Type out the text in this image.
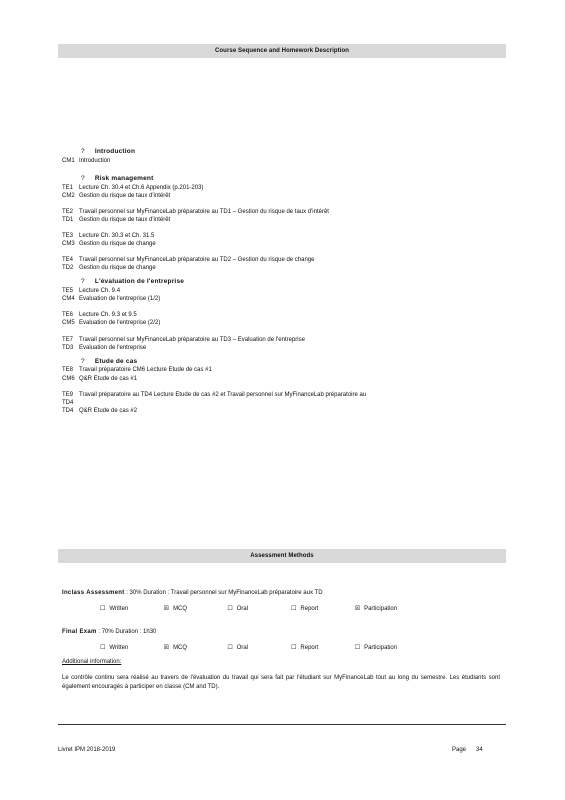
Course Sequence and Homework Description
? Introduction
CM1 Introduction
? Risk management
TE1 Lecture Ch. 30.4 et Ch.6 Appendix (p.201-203)
CM2 Gestion du risque de taux d'intérêt
TE2 Travail personnel sur MyFinanceLab préparatoire au TD1 – Gestion du risque de taux d'intérêt
TD1 Gestion du risque de taux d'intérêt
TE3 Lecture Ch. 30.3 et Ch. 31.5
CM3 Gestion du risque de change
TE4 Travail personnel sur MyFinanceLab préparatoire au TD2 – Gestion du risque de change
TD2 Gestion du risque de change
? L'évaluation de l'entreprise
TE5 Lecture Ch. 9.4
CM4 Evaluation de l'entreprise (1/2)
TE6 Lecture Ch. 9.3 et 9.5
CM5 Evaluation de l'entreprise (2/2)
TE7 Travail personnel sur MyFinanceLab préparatoire au TD3 – Evaluation de l'entreprise
TD3 Evaluation de l'entreprise
? Etude de cas
TE8 Travail préparatoire CM6 Lecture Etude de cas #1
CM6 Q&R Etude de cas #1
TE9 Travail préparatoire au TD4 Lecture Etude de cas #2 et Travail personnel sur MyFinanceLab préparatoire au
TD4
TD4 Q&R Etude de cas #2
Assessment Methods
Inclass Assessment : 30% Duration : Travail personnel sur MyFinanceLab préparatoire aux TD
☐ Written	☒ MCQ	☐ Oral	☐ Report	☒ Participation
Final Exam : 70% Duration : 1h30
☐ Written	☒ MCQ	☐ Oral	☐ Report	☐ Participation
Additional information:
Le contrôle continu sera réalisé au travers de l'évaluation du travail qui sera fait par l'étudiant sur MyFinanceLab tout au long du semestre. Les étudiants sont également encouragés à participer en classe (CM and TD).
Livret IPM 2018-2019	Page 34
